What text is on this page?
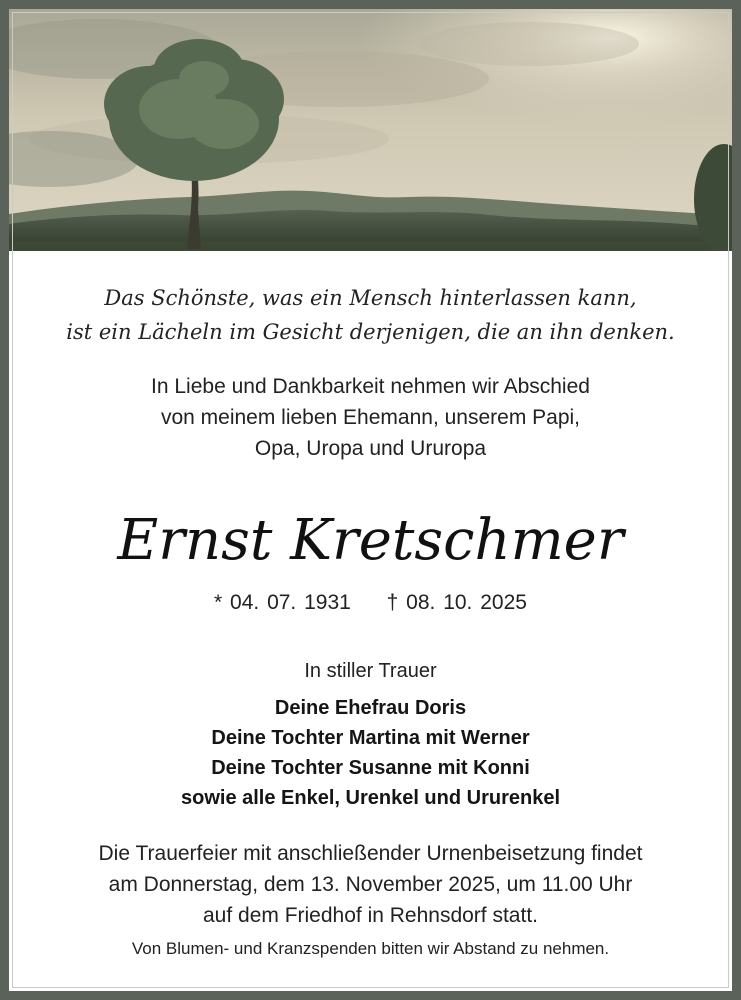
Das Schönste, was ein Mensch hinterlassen kann,
ist ein Lächeln im Gesicht derjenigen, die an ihn denken.
In Liebe und Dankbarkeit nehmen wir Abschied
von meinem lieben Ehemann, unserem Papi,
Opa, Uropa und Ururopa
Ernst Kretschmer
* 04. 07. 1931 † 08. 10. 2025
In stiller Trauer
Deine Ehefrau Doris
Deine Tochter Martina mit Werner
Deine Tochter Susanne mit Konni
sowie alle Enkel, Urenkel und Ururenkel
Die Trauerfeier mit anschließender Urnenbeisetzung findet
am Donnerstag, dem 13. November 2025, um 11.00 Uhr
auf dem Friedhof in Rehnsdorf statt.
Von Blumen- und Kranzspenden bitten wir Abstand zu nehmen.
